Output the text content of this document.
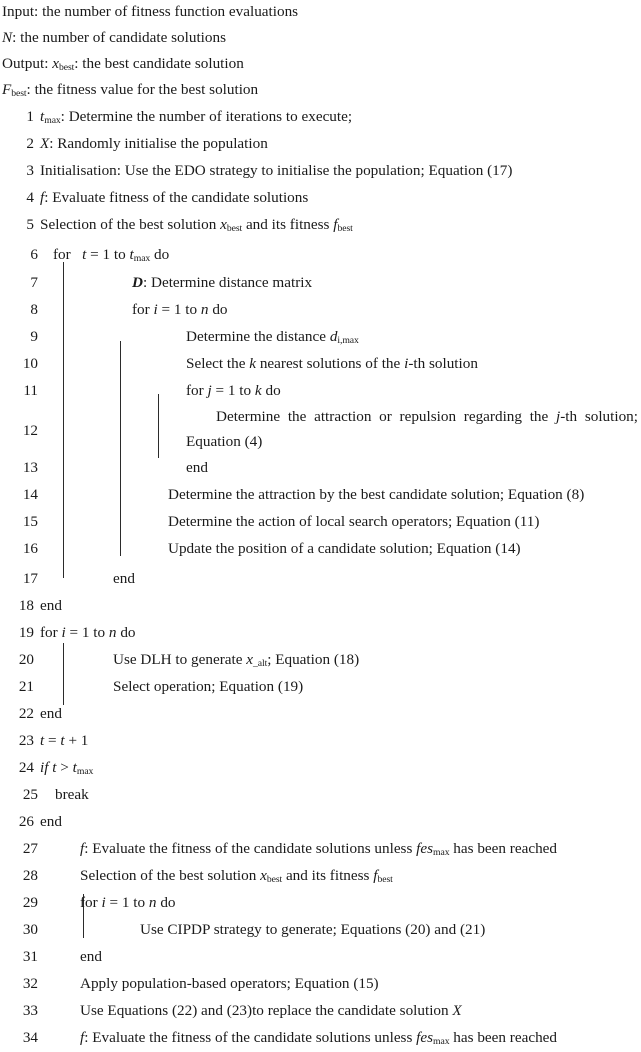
Input: the number of fitness function evaluations
N: the number of candidate solutions
Output: $x_{best}$: the best candidate solution
$F_{best}$: the fitness value for the best solution
1 $t_{max}$: Determine the number of iterations to execute;
2 X: Randomly initialise the population
3 Initialisation: Use the EDO strategy to initialise the population; Equation (17)
4 f: Evaluate fitness of the candidate solutions
5 Selection of the best solution $x_{best}$ and its fitness $f_{best}$
6 for   t = 1 to $t_{max}$ do
7	D: Determine distance matrix
8	for i = 1 to n do
9	Determine the distance $d_{i,max}$
10	Select the k nearest solutions of the i-th solution
11	for j = 1 to k do
12
Determine the attraction or repulsion regarding the j-th solution; Equation (4)
13	end
14	Determine the attraction by the best candidate solution; Equation (8)
15	Determine the action of local search operators; Equation (11)
16	Update the position of a candidate solution; Equation (14)
17	end
18 end
19 for i = 1 to n do
20	Use DLH to generate $x_{\_alt}$; Equation (18)
21	Select operation; Equation (19)
22 end
23 t = t + 1
24 if $t > t_{max}$
25 break
26 end
27	f: Evaluate the fitness of the candidate solutions unless fes$_{max}$ has been reached
28	Selection of the best solution $x_{best}$ and its fitness $f_{best}$
29	for i = 1 to n do
30	Use CIPDP strategy to generate; Equations (20) and (21)
31	end
32	Apply population-based operators; Equation (15)
33	Use Equations (22) and (23)to replace the candidate solution X
34	f: Evaluate the fitness of the candidate solutions unless fes$_{max}$ has been reached
